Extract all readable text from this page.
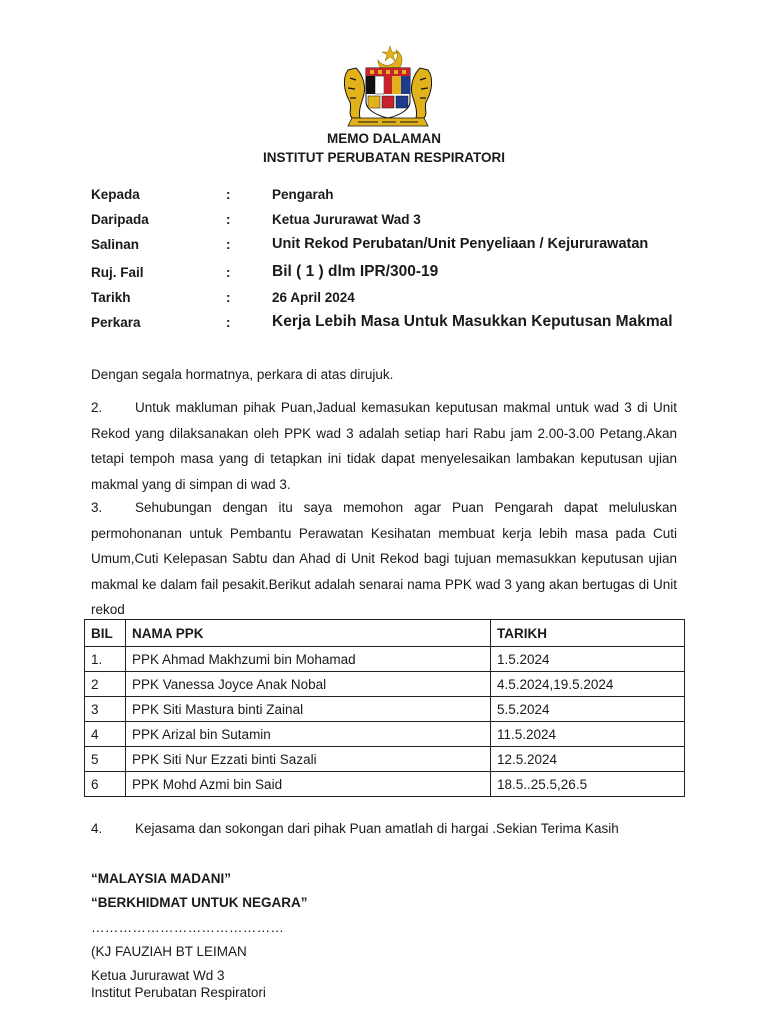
MEMO DALAMAN
INSTITUT PERUBATAN RESPIRATORI
Kepada	:	Pengarah
Daripada	:	Ketua Jururawat Wad 3
Salinan	:	Unit Rekod Perubatan/Unit Penyeliaan / Kejururawatan
Ruj. Fail	:	Bil ( 1 ) dlm IPR/300-19
Tarikh	:	26 April 2024
Perkara	:	Kerja Lebih Masa Untuk Masukkan Keputusan Makmal
Dengan segala hormatnya, perkara di atas dirujuk.
2. Untuk makluman pihak Puan,Jadual kemasukan keputusan makmal untuk wad 3 di Unit Rekod yang dilaksanakan oleh PPK wad 3 adalah setiap hari Rabu jam 2.00-3.00 Petang.Akan tetapi tempoh masa yang di tetapkan ini tidak dapat menyelesaikan lambakan keputusan ujian makmal yang di simpan di wad 3.
3. Sehubungan dengan itu saya memohon agar Puan Pengarah dapat meluluskan permohonanan untuk Pembantu Perawatan Kesihatan membuat kerja lebih masa pada Cuti Umum,Cuti Kelepasan Sabtu dan Ahad di Unit Rekod bagi tujuan memasukkan keputusan ujian makmal ke dalam fail pesakit.Berikut adalah senarai nama PPK wad 3 yang akan bertugas di Unit rekod
BIL	NAMA PPK	TARIKH
1.	PPK Ahmad Makhzumi bin Mohamad	1.5.2024
2	PPK Vanessa Joyce Anak Nobal	4.5.2024,19.5.2024
3	PPK Siti Mastura binti Zainal	5.5.2024
4	PPK Arizal bin Sutamin	11.5.2024
5	PPK Siti Nur Ezzati binti Sazali	12.5.2024
6	PPK Mohd Azmi bin Said	18.5..25.5,26.5
4. Kejasama dan sokongan dari pihak Puan amatlah di hargai .Sekian Terima Kasih
“MALAYSIA MADANI”
“BERKHIDMAT UNTUK NEGARA”
……………………………………
(KJ FAUZIAH BT LEIMAN
Ketua Jururawat Wd 3
Institut Perubatan Respiratori
